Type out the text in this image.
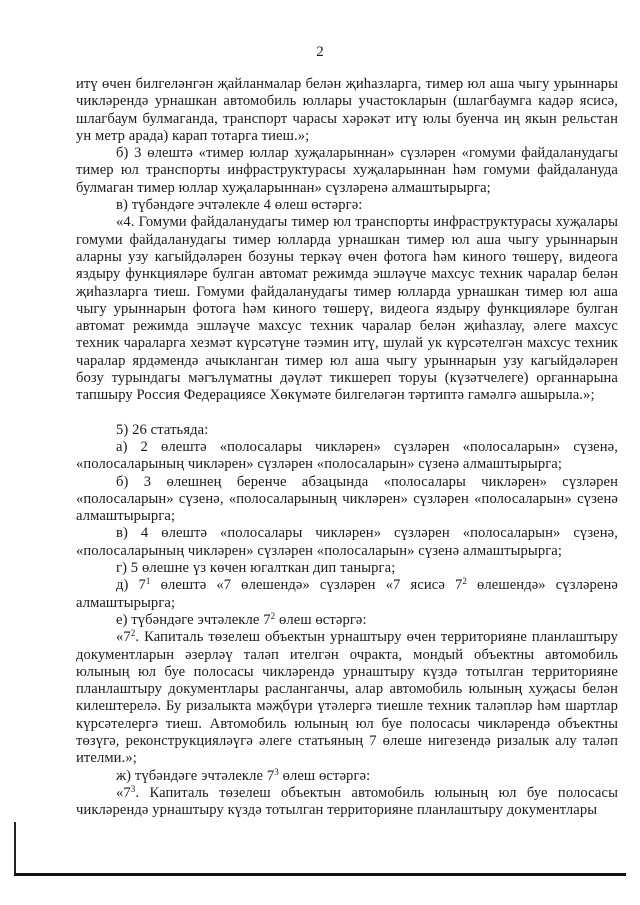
2

итү өчен билгеләнгән җайланмалар белән җиһазларга, тимер юл аша чыгу урыннары чикләрендә урнашкан автомобиль юллары участокларын (шлагбаумга кадәр ясисә, шлагбаум булмаганда, транспорт чарасы хәрәкәт итү юлы буенча иң якын рельстан ун метр арада) карап тотарга тиеш.»;

б) 3 өлештә «тимер юллар хуҗаларыннан» сүзләрен «гомуми файдаланудагы тимер юл транспорты инфраструктурасы хуҗаларыннан һәм гомуми файдалануда булмаган тимер юллар хуҗаларыннан» сүзләренә алмаштырырга;

в) түбәндәге эчтәлекле 4 өлеш өстәргә:

«4. Гомуми файдаланудагы тимер юл транспорты инфраструктурасы хуҗалары гомуми файдаланудагы тимер юлларда урнашкан тимер юл аша чыгу урыннарын аларны узу кагыйдәләрен бозуны теркәү өчен фотога һәм киного төшерү, видеога яздыру функцияләре булган автомат режимда эшләүче махсус техник чаралар белән җиһазларга тиеш. Гомуми файдаланудагы тимер юлларда урнашкан тимер юл аша чыгу урыннарын фотога һәм киного төшерү, видеога яздыру функцияләре булган автомат режимда эшләүче махсус техник чаралар белән җиһазлау, әлеге махсус техник чараларга хезмәт күрсәтүне тәэмин итү, шулай ук күрсәтелгән махсус техник чаралар ярдәмендә ачыкланган тимер юл аша чыгу урыннарын узу кагыйдәләрен бозу турындагы мәгълүматны дәүләт тикшереп торуы (күзәтчелеге) органнарына тапшыру Россия Федерациясе Хөкүмәте билгеләгән тәртиптә гамәлгә ашырыла.»;

5) 26 статьяда:

а) 2 өлештә «полосалары чикләрен» сүзләрен «полосаларын» сүзенә, «полосаларының чикләрен» сүзләрен «полосаларын» сүзенә алмаштырырга;

б) 3 өлешнең беренче абзацында «полосалары чикләрен» сүзләрен «полосаларын» сүзенә, «полосаларының чикләрен» сүзләрен «полосаларын» сүзенә алмаштырырга;

в) 4 өлештә «полосалары чикләрен» сүзләрен «полосаларын» сүзенә, «полосаларының чикләрен» сүзләрен «полосаларын» сүзенә алмаштырырга;

г) 5 өлешне үз көчен югалткан дип танырга;

д) $7^1$ өлештә «7 өлешендә» сүзләрен «7 ясисә $7^2$ өлешендә» сүзләренә алмаштырырга;

е) түбәндәге эчтәлекле $7^2$ өлеш өстәргә:

«$7^2$. Капиталь төзелеш объектын урнаштыру өчен территорияне планлаштыру документларын әзерләү таләп ителгән очракта, мондый объектны автомобиль юлының юл буе полосасы чикләрендә урнаштыру күздә тотылган территорияне планлаштыру документлары расланганчы, алар автомобиль юлының хуҗасы белән килештерелә. Бу ризалыкта мәҗбүри үтәлергә тиешле техник таләпләр һәм шартлар күрсәтелергә тиеш. Автомобиль юлының юл буе полосасы чикләрендә объектны төзүгә, реконструкцияләүгә әлеге статьяның 7 өлеше нигезендә ризалык алу таләп ителми.»;

ж) түбәндәге эчтәлекле $7^3$ өлеш өстәргә:

«$7^3$. Капиталь төзелеш объектын автомобиль юлының юл буе полосасы чикләрендә урнаштыру күздә тотылган территорияне планлаштыру документлары
